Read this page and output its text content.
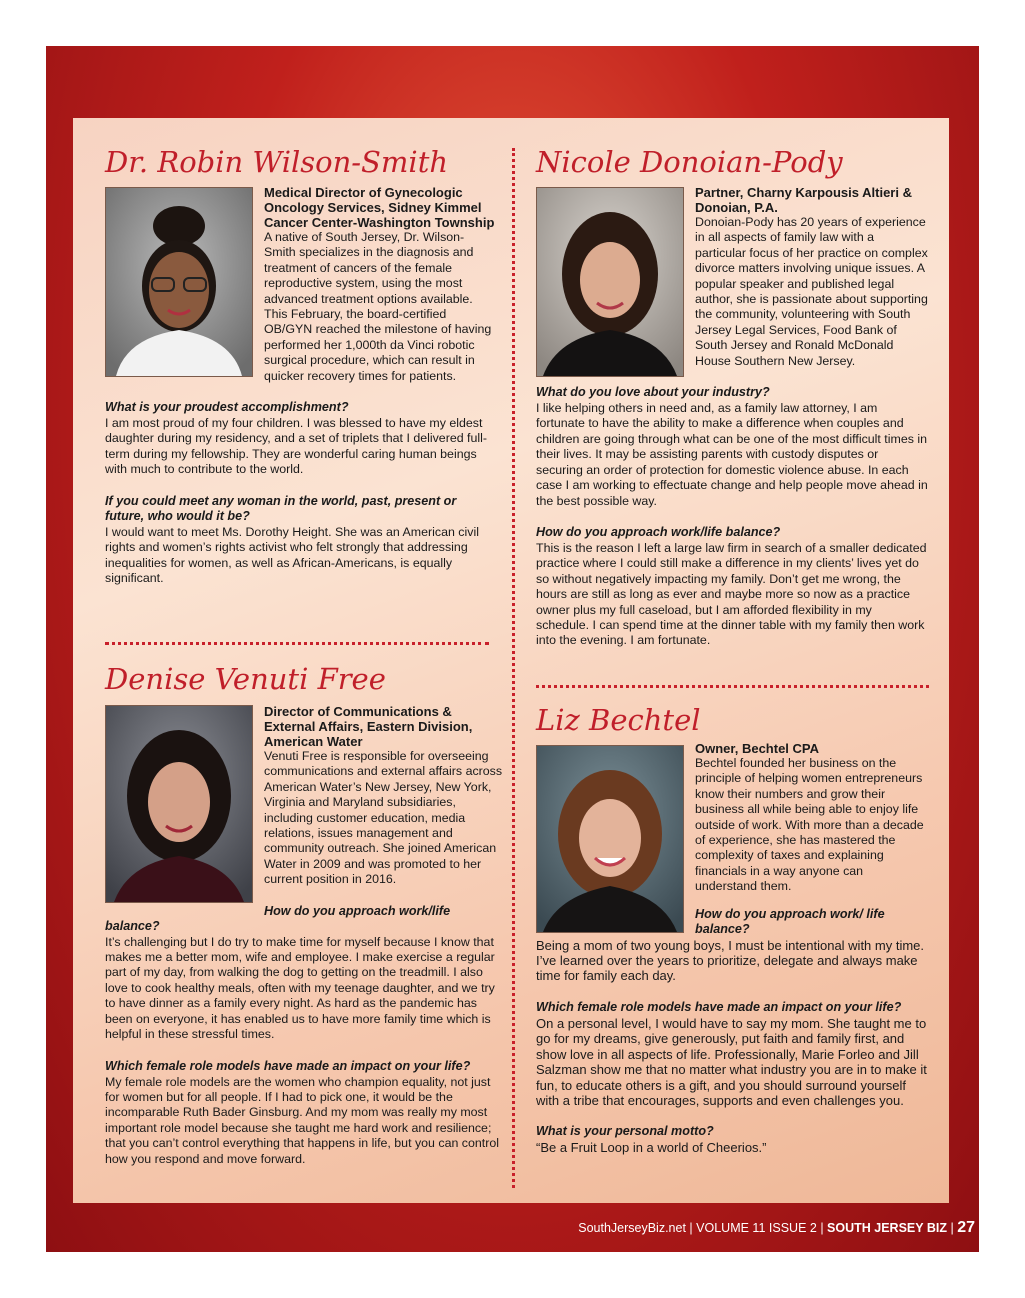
Dr. Robin Wilson-Smith
Medical Director of Gynecologic Oncology Services, Sidney Kimmel Cancer Center-Washington Township

A native of South Jersey, Dr. Wilson-Smith specializes in the diagnosis and treatment of cancers of the female reproductive system, using the most advanced treatment options available. This February, the board-certified OB/GYN reached the milestone of having performed her 1,000th da Vinci robotic surgical procedure, which can result in quicker recovery times for patients.

What is your proudest accomplishment?

I am most proud of my four children. I was blessed to have my eldest daughter during my residency, and a set of triplets that I delivered full-term during my fellowship. They are wonderful caring human beings with much to contribute to the world.

If you could meet any woman in the world, past, present or future, who would it be?

I would want to meet Ms. Dorothy Height. She was an American civil rights and women’s rights activist who felt strongly that addressing inequalities for women, as well as African-Americans, is equally significant.

Denise Venuti Free
Director of Communications & External Affairs, Eastern Division, American Water

Venuti Free is responsible for overseeing communications and external affairs across American Water’s New Jersey, New York, Virginia and Maryland subsidiaries, including customer education, media relations, issues management and community outreach. She joined American Water in 2009 and was promoted to her current position in 2016.

How do you approach work/life balance?

It’s challenging but I do try to make time for myself because I know that makes me a better mom, wife and employee. I make exercise a regular part of my day, from walking the dog to getting on the treadmill. I also love to cook healthy meals, often with my teenage daughter, and we try to have dinner as a family every night. As hard as the pandemic has been on everyone, it has enabled us to have more family time which is helpful in these stressful times.

Which female role models have made an impact on your life?

My female role models are the women who champion equality, not just for women but for all people. If I had to pick one, it would be the incomparable Ruth Bader Ginsburg. And my mom was really my most important role model because she taught me hard work and resilience; that you can’t control everything that happens in life, but you can control how you respond and move forward.

Nicole Donoian-Pody
Partner, Charny Karpousis Altieri & Donoian, P.A.

Donoian-Pody has 20 years of experience in all aspects of family law with a particular focus of her practice on complex divorce matters involving unique issues. A popular speaker and published legal author, she is passionate about supporting the community, volunteering with South Jersey Legal Services, Food Bank of South Jersey and Ronald McDonald House Southern New Jersey.

What do you love about your industry?

I like helping others in need and, as a family law attorney, I am fortunate to have the ability to make a difference when couples and children are going through what can be one of the most difficult times in their lives. It may be assisting parents with custody disputes or securing an order of protection for domestic violence abuse. In each case I am working to effectuate change and help people move ahead in the best possible way.

How do you approach work/life balance?

This is the reason I left a large law firm in search of a smaller dedicated practice where I could still make a difference in my clients’ lives yet do so without negatively impacting my family. Don’t get me wrong, the hours are still as long as ever and maybe more so now as a practice owner plus my full caseload, but I am afforded flexibility in my schedule. I can spend time at the dinner table with my family then work into the evening. I am fortunate.

Liz Bechtel
Owner, Bechtel CPA

Bechtel founded her business on the principle of helping women entrepreneurs know their numbers and grow their business all while being able to enjoy life outside of work. With more than a decade of experience, she has mastered the complexity of taxes and explaining financials in a way anyone can understand them.

How do you approach work/ life balance?

Being a mom of two young boys, I must be intentional with my time. I’ve learned over the years to prioritize, delegate and always make time for family each day.

Which female role models have made an impact on your life?

On a personal level, I would have to say my mom. She taught me to go for my dreams, give generously, put faith and family first, and show love in all aspects of life. Professionally, Marie Forleo and Jill Salzman show me that no matter what industry you are in to make it fun, to educate others is a gift, and you should surround yourself with a tribe that encourages, supports and even challenges you.

What is your personal motto?

“Be a Fruit Loop in a world of Cheerios.”

SouthJerseyBiz.net | VOLUME 11 ISSUE 2 | SOUTH JERSEY BIZ | 27
